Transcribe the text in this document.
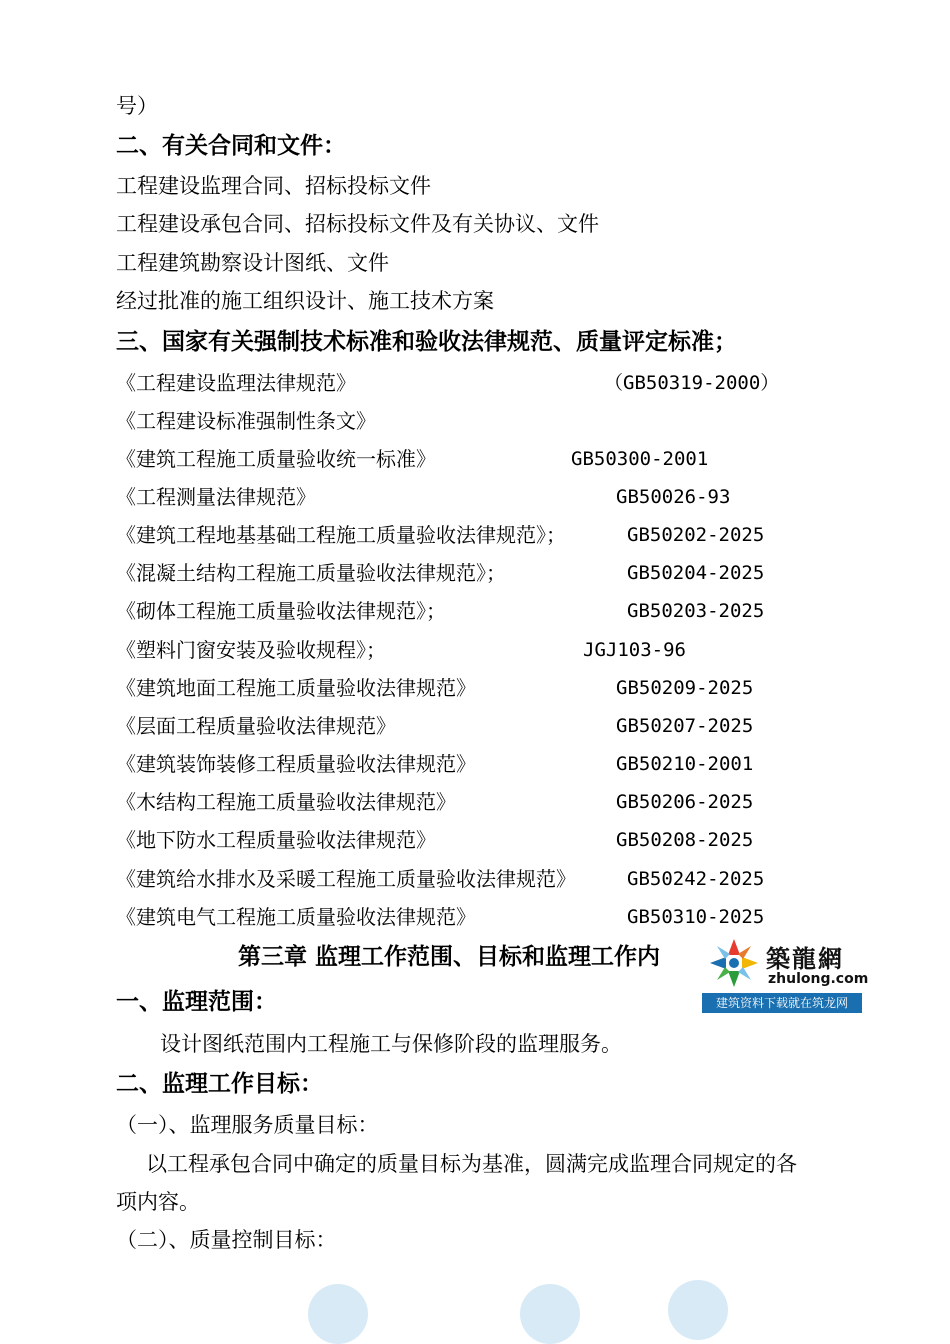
号）
二、有关合同和文件：
工程建设监理合同、招标投标文件
工程建设承包合同、招标投标文件及有关协议、文件
工程建筑勘察设计图纸、文件
经过批准的施工组织设计、施工技术方案
三、国家有关强制技术标准和验收法律规范、质量评定标准；
《工程建设监理法律规范》	（GB50319-2000）
《工程建设标准强制性条文》
《建筑工程施工质量验收统一标准》	GB50300-2001
《工程测量法律规范》	GB50026-93
《建筑工程地基基础工程施工质量验收法律规范》；	GB50202-2025
《混凝土结构工程施工质量验收法律规范》；	GB50204-2025
《砌体工程施工质量验收法律规范》；	GB50203-2025
《塑料门窗安装及验收规程》；	JGJ103-96
《建筑地面工程施工质量验收法律规范》	GB50209-2025
《层面工程质量验收法律规范》	GB50207-2025
《建筑装饰装修工程质量验收法律规范》	GB50210-2001
《木结构工程施工质量验收法律规范》	GB50206-2025
《地下防水工程质量验收法律规范》	GB50208-2025
《建筑给水排水及采暖工程施工质量验收法律规范》	GB50242-2025
《建筑电气工程施工质量验收法律规范》	GB50310-2025
第三章 监理工作范围、目标和监理工作内	築龍網
zhulong.com
建筑资料下载就在筑龙网
一、监理范围：
设计图纸范围内工程施工与保修阶段的监理服务。
二、监理工作目标：
（一）、监理服务质量目标：
以工程承包合同中确定的质量目标为基准，圆满完成监理合同规定的各
项内容。
（二）、质量控制目标：
